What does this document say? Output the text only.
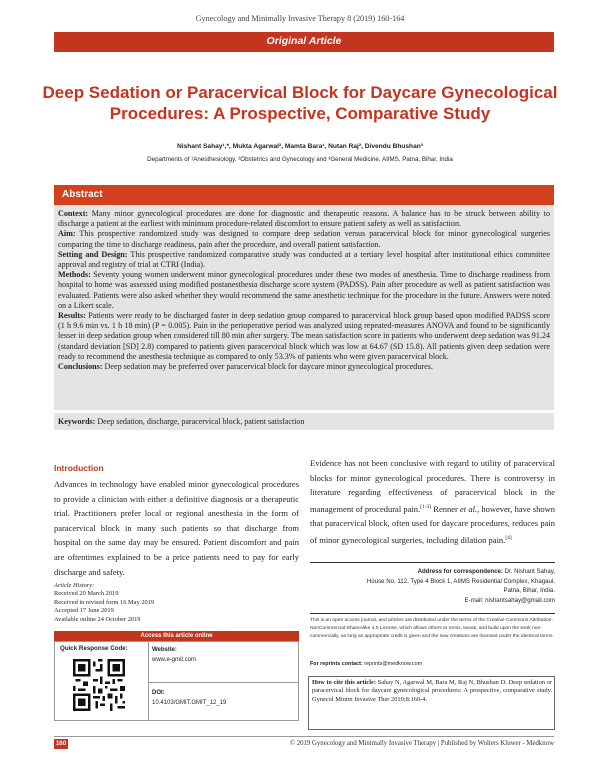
Gynecology and Minimally Invasive Therapy 8 (2019) 160-164
Original Article
Deep Sedation or Paracervical Block for Daycare Gynecological
Procedures: A Prospective, Comparative Study
Nishant Sahay¹,*, Mukta Agarwal², Mamta Bara¹, Nutan Raj², Divendu Bhushan³
Departments of ¹Anesthesiology, ²Obstetrics and Gynecology and ³General Medicine, AIIMS, Patna, Bihar, India
Abstract

Context: Many minor gynecological procedures are done for diagnostic and therapeutic reasons. A balance has to be struck between ability to discharge a patient at the earliest with minimum procedure-related discomfort to ensure patient safety as well as satisfaction.

Aim: This prospective randomized study was designed to compare deep sedation versus paracervical block for minor gynecological surgeries comparing the time to discharge readiness, pain after the procedure, and overall patient satisfaction.

Setting and Design: This prospective randomized comparative study was conducted at a tertiary level hospital after institutional ethics committee approval and registry of trial at CTRI (India).

Methods: Seventy young women underwent minor gynecological procedures under these two modes of anesthesia. Time to discharge readiness from hospital to home was assessed using modified postanesthesia discharge score system (PADSS). Pain after procedure as well as patient satisfaction was evaluated. Patients were also asked whether they would recommend the same anesthetic technique for the procedure in the future. Answers were noted on a Likert scale.

Results: Patients were ready to be discharged faster in deep sedation group compared to paracervical block group based upon modified PADSS score (1 h 9.6 min vs. 1 h 18 min) (P = 0.005). Pain in the perioperative period was analyzed using repeated-measures ANOVA and found to be significantly lesser in deep sedation group when considered till 80 min after surgery. The mean satisfaction score in patients who underwent deep sedation was 91.24 (standard deviation [SD] 2.8) compared to patients given paracervical block which was low at 64.67 (SD 15.8). All patients given deep sedation were ready to recommend the anesthesia technique as compared to only 53.3% of patients who were given paracervical block.

Conclusions: Deep sedation may be preferred over paracervical block for daycare minor gynecological procedures.

Keywords: Deep sedation, discharge, paracervical block, patient satisfaction
Introduction
Advances in technology have enabled minor gynecological procedures to provide a clinician with either a definitive diagnosis or a therapeutic trial. Practitioners prefer local or regional anesthesia in the form of paracervical block in many such patients so that discharge from hospital on the same day may be ensured. Patient discomfort and pain are oftentimes explained to be a price patients need to pay for early discharge and safety.
Evidence has not been conclusive with regard to utility of paracervical blocks for minor gynecological procedures. There is controversy in literature regarding effectiveness of paracervical block in the management of procedural pain.[1-3] Renner et al., however, have shown that paracervical block, often used for daycare procedures, reduces pain of minor gynecological surgeries, including dilation pain.[4]
Article History:
Received 20 March 2019
Received in revised form 16 May 2019
Accepted 17 June 2019
Available online 24 October 2019
Access this article online
Quick Response Code:	Website:
www.e-gmit.com
DOI:
10.4103/GMIT.GMIT_12_19
Address for correspondence: Dr. Nishant Sahay,
House No. 112, Type 4 Block 1, AIIMS Residential Complex, Khagaul,
Patna, Bihar, India.
E-mail: nishantsahay@gmail.com
This is an open access journal, and articles are distributed under the terms of the Creative Commons Attribution-NonCommercial-ShareAlike 4.0 License, which allows others to remix, tweak, and build upon the work non-commercially, as long as appropriate credit is given and the new creations are licensed under the identical terms.
For reprints contact: reprints@medknow.com
How to cite this article: Sahay N, Agarwal M, Bara M, Raj N, Bhushan D. Deep sedation or paracervical block for daycare gynecological procedures: A prospective, comparative study. Gynecol Minim Invasive Ther 2019;8:160-4.
160	© 2019 Gynecology and Minimally Invasive Therapy | Published by Wolters Kluwer - Medknow
